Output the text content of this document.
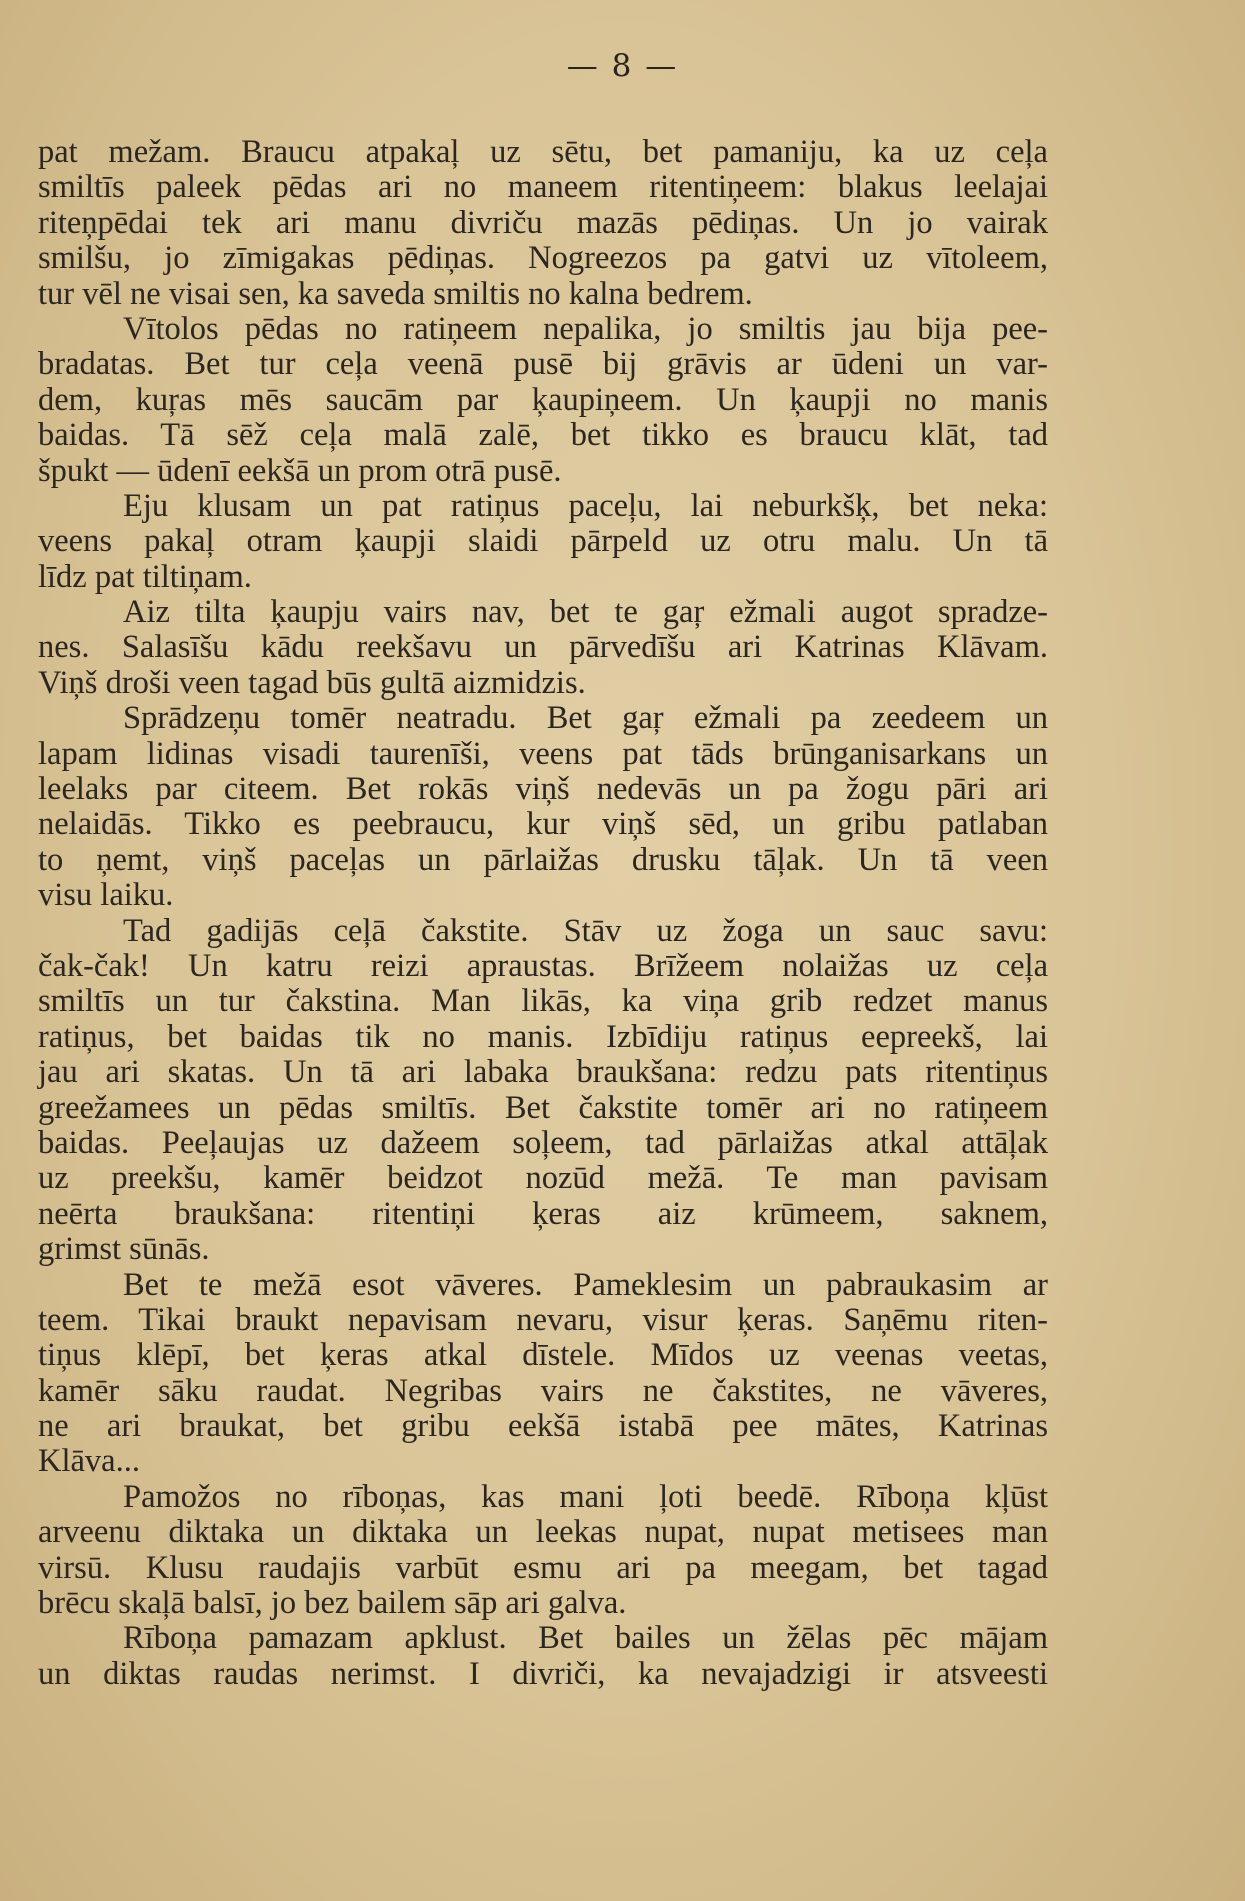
— 8 —
pat mežam. Braucu atpakaļ uz sētu, bet pamaniju, ka uz ceļa
smiltīs paleek pēdas ari no maneem ritentiņeem: blakus leelajai
riteņpēdai tek ari manu divriču mazās pēdiņas. Un jo vairak
smilšu, jo zīmigakas pēdiņas. Nogreezos pa gatvi uz vītoleem,
tur vēl ne visai sen, ka saveda smiltis no kalna bedrem.
Vītolos pēdas no ratiņeem nepalika, jo smiltis jau bija pee-
bradatas. Bet tur ceļa veenā pusē bij grāvis ar ūdeni un var-
dem, kuŗas mēs saucām par ķaupiņeem. Un ķaupji no manis
baidas. Tā sēž ceļa malā zalē, bet tikko es braucu klāt, tad
špukt — ūdenī eekšā un prom otrā pusē.
Eju klusam un pat ratiņus paceļu, lai neburkšķ, bet neka:
veens pakaļ otram ķaupji slaidi pārpeld uz otru malu. Un tā
līdz pat tiltiņam.
Aiz tilta ķaupju vairs nav, bet te gaŗ ežmali augot spradze-
nes. Salasīšu kādu reekšavu un pārvedīšu ari Katrinas Klāvam.
Viņš droši veen tagad būs gultā aizmidzis.
Sprādzeņu tomēr neatradu. Bet gaŗ ežmali pa zeedeem un
lapam lidinas visadi taurenīši, veens pat tāds brūnganisarkans un
leelaks par citeem. Bet rokās viņš nedevās un pa žogu pāri ari
nelaidās. Tikko es peebraucu, kur viņš sēd, un gribu patlaban
to ņemt, viņš paceļas un pārlaižas drusku tāļak. Un tā veen
visu laiku.
Tad gadijās ceļā čakstite. Stāv uz žoga un sauc savu:
čak-čak! Un katru reizi apraustas. Brīžeem nolaižas uz ceļa
smiltīs un tur čakstina. Man likās, ka viņa grib redzet manus
ratiņus, bet baidas tik no manis. Izbīdiju ratiņus eepreekš, lai
jau ari skatas. Un tā ari labaka braukšana: redzu pats ritentiņus
greežamees un pēdas smiltīs. Bet čakstite tomēr ari no ratiņeem
baidas. Peeļaujas uz dažeem soļeem, tad pārlaižas atkal attāļak
uz preekšu, kamēr beidzot nozūd mežā. Te man pavisam
neērta braukšana: ritentiņi ķeras aiz krūmeem, saknem,
grimst sūnās.
Bet te mežā esot vāveres. Pameklesim un pabraukasim ar
teem. Tikai braukt nepavisam nevaru, visur ķeras. Saņēmu riten-
tiņus klēpī, bet ķeras atkal dīstele. Mīdos uz veenas veetas,
kamēr sāku raudat. Negribas vairs ne čakstites, ne vāveres,
ne ari braukat, bet gribu eekšā istabā pee mātes, Katrinas
Klāva...
Pamožos no rīboņas, kas mani ļoti beedē. Rīboņa kļūst
arveenu diktaka un diktaka un leekas nupat, nupat metisees man
virsū. Klusu raudajis varbūt esmu ari pa meegam, bet tagad
brēcu skaļā balsī, jo bez bailem sāp ari galva.
Rīboņa pamazam apklust. Bet bailes un žēlas pēc mājam
un diktas raudas nerimst. I divriči, ka nevajadzigi ir atsveesti
